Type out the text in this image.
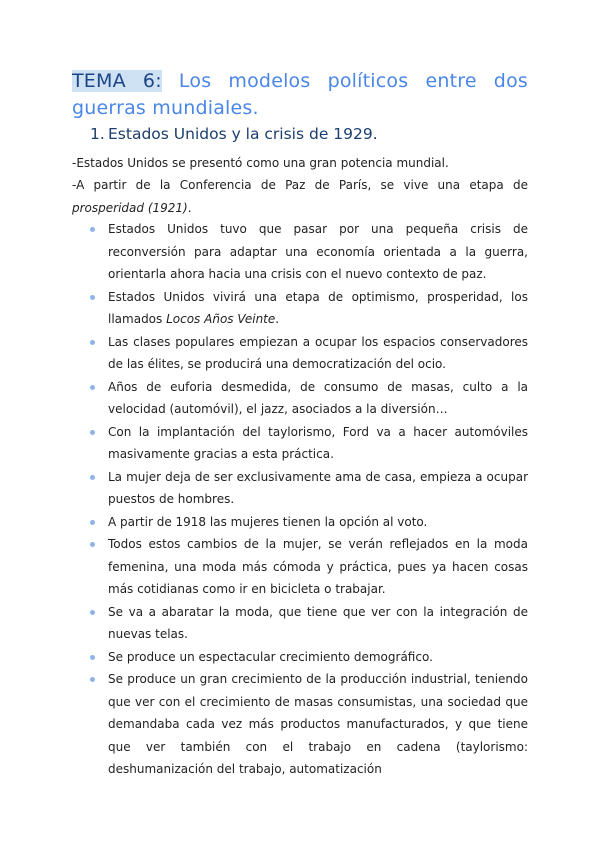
TEMA 6: Los modelos políticos entre dos guerras mundiales.
1. Estados Unidos y la crisis de 1929.
-Estados Unidos se presentó como una gran potencia mundial.
-A partir de la Conferencia de Paz de París, se vive una etapa de prosperidad (1921).
Estados Unidos tuvo que pasar por una pequeña crisis de reconversión para adaptar una economía orientada a la guerra, orientarla ahora hacia una crisis con el nuevo contexto de paz.
Estados Unidos vivirá una etapa de optimismo, prosperidad, los llamados Locos Años Veinte.
Las clases populares empiezan a ocupar los espacios conservadores de las élites, se producirá una democratización del ocio.
Años de euforia desmedida, de consumo de masas, culto a la velocidad (automóvil), el jazz, asociados a la diversión…
Con la implantación del taylorismo, Ford va a hacer automóviles masivamente gracias a esta práctica.
La mujer deja de ser exclusivamente ama de casa, empieza a ocupar puestos de hombres.
A partir de 1918 las mujeres tienen la opción al voto.
Todos estos cambios de la mujer, se verán reflejados en la moda femenina, una moda más cómoda y práctica, pues ya hacen cosas más cotidianas como ir en bicicleta o trabajar.
Se va a abaratar la moda, que tiene que ver con la integración de nuevas telas.
Se produce un espectacular crecimiento demográfico.
Se produce un gran crecimiento de la producción industrial, teniendo que ver con el crecimiento de masas consumistas, una sociedad que demandaba cada vez más productos manufacturados, y que tiene que ver también con el trabajo en cadena (taylorismo: deshumanización del trabajo, automatización
